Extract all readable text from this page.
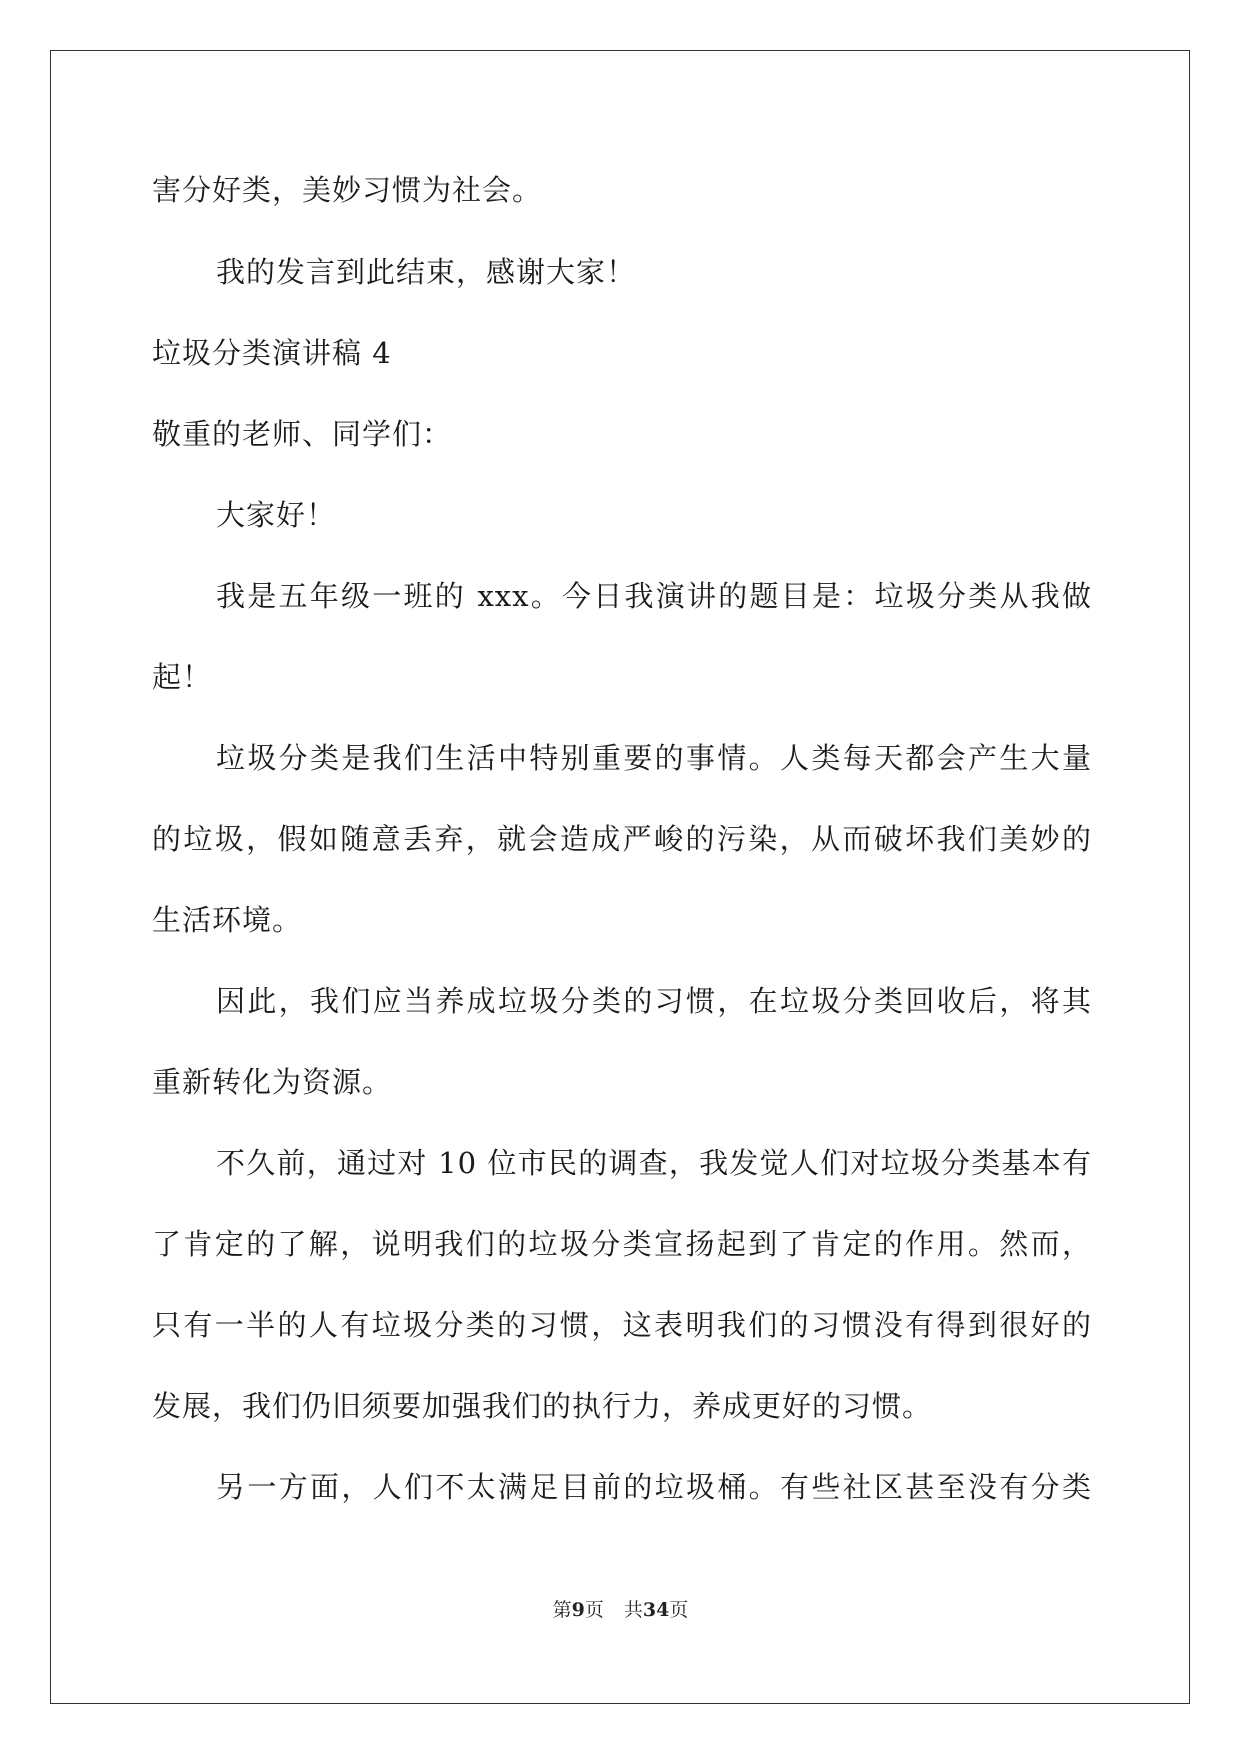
害分好类，美妙习惯为社会。
我的发言到此结束，感谢大家！
垃圾分类演讲稿 4
敬重的老师、同学们：
大家好！
我是五年级一班的 xxx。今日我演讲的题目是：垃圾分类从我做
起！
垃圾分类是我们生活中特别重要的事情。人类每天都会产生大量
的垃圾，假如随意丢弃，就会造成严峻的污染，从而破坏我们美妙的
生活环境。
因此，我们应当养成垃圾分类的习惯，在垃圾分类回收后，将其
重新转化为资源。
不久前，通过对 10 位市民的调查，我发觉人们对垃圾分类基本有
了肯定的了解，说明我们的垃圾分类宣扬起到了肯定的作用。然而，
只有一半的人有垃圾分类的习惯，这表明我们的习惯没有得到很好的
发展，我们仍旧须要加强我们的执行力，养成更好的习惯。
另一方面，人们不太满足目前的垃圾桶。有些社区甚至没有分类
第9页 共34页
